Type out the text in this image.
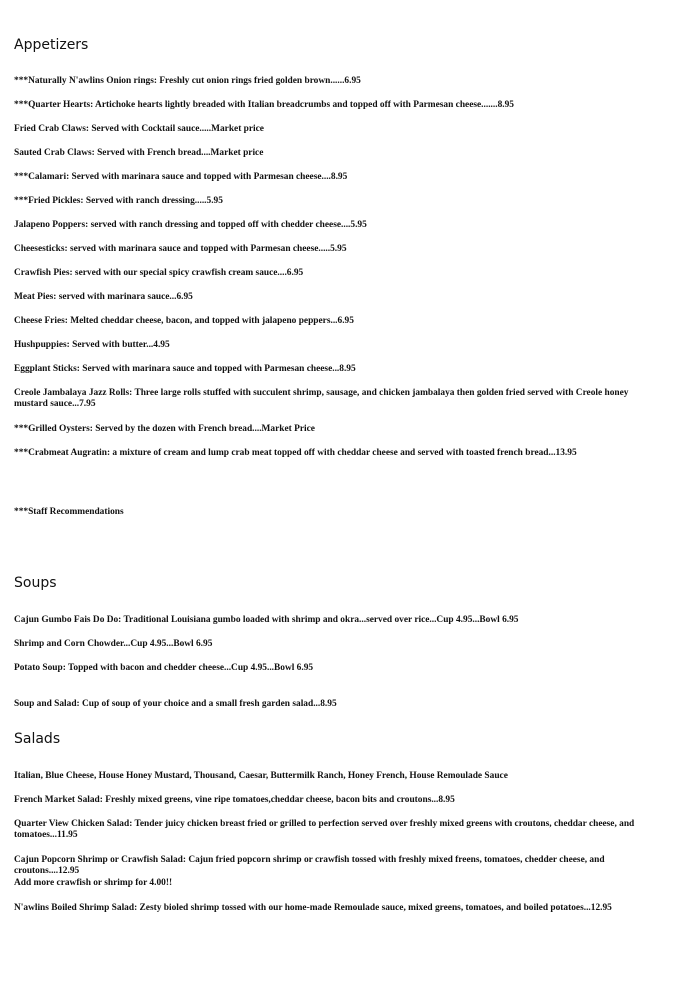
Appetizers

***Naturally N'awlins Onion rings: Freshly cut onion rings fried golden brown......6.95

***Quarter Hearts: Artichoke hearts lightly breaded with Italian breadcrumbs and topped off with Parmesan cheese.......8.95

Fried Crab Claws: Served with Cocktail sauce.....Market price

Sauted Crab Claws: Served with French bread....Market price

***Calamari: Served with marinara sauce and topped with Parmesan cheese....8.95

***Fried Pickles: Served with ranch dressing.....5.95

Jalapeno Poppers: served with ranch dressing and topped off with chedder cheese....5.95

Cheesesticks: served with marinara sauce and topped with Parmesan cheese.....5.95

Crawfish Pies: served with our special spicy crawfish cream sauce....6.95

Meat Pies: served with marinara sauce...6.95

Cheese Fries: Melted cheddar cheese, bacon, and topped with jalapeno peppers...6.95

Hushpuppies: Served with butter...4.95

Eggplant Sticks: Served with marinara sauce and topped with Parmesan cheese...8.95

Creole Jambalaya Jazz Rolls: Three large rolls stuffed with succulent shrimp, sausage, and chicken jambalaya then golden fried served with Creole honey mustard sauce...7.95

***Grilled Oysters: Served by the dozen with French bread....Market Price

***Crabmeat Augratin: a mixture of cream and lump crab meat topped off with cheddar cheese and served with toasted french bread...13.95

***Staff Recommendations

Soups

Cajun Gumbo Fais Do Do: Traditional Louisiana gumbo loaded with shrimp and okra...served over rice...Cup 4.95...Bowl 6.95

Shrimp and Corn Chowder...Cup 4.95...Bowl 6.95

Potato Soup: Topped with bacon and chedder cheese...Cup 4.95...Bowl 6.95

Soup and Salad: Cup of soup of your choice and a small fresh garden salad...8.95

Salads

Italian, Blue Cheese, House Honey Mustard, Thousand, Caesar, Buttermilk Ranch, Honey French, House Remoulade Sauce

French Market Salad: Freshly mixed greens, vine ripe tomatoes,cheddar cheese, bacon bits and croutons...8.95

Quarter View Chicken Salad: Tender juicy chicken breast fried or grilled to perfection served over freshly mixed greens with croutons, cheddar cheese, and tomatoes...11.95

Cajun Popcorn Shrimp or Crawfish Salad: Cajun fried popcorn shrimp or crawfish tossed with freshly mixed freens, tomatoes, chedder cheese, and croutons....12.95

Add more crawfish or shrimp for 4.00!!

N'awlins Boiled Shrimp Salad: Zesty bioled shrimp tossed with our home-made Remoulade sauce, mixed greens, tomatoes, and boiled potatoes...12.95
